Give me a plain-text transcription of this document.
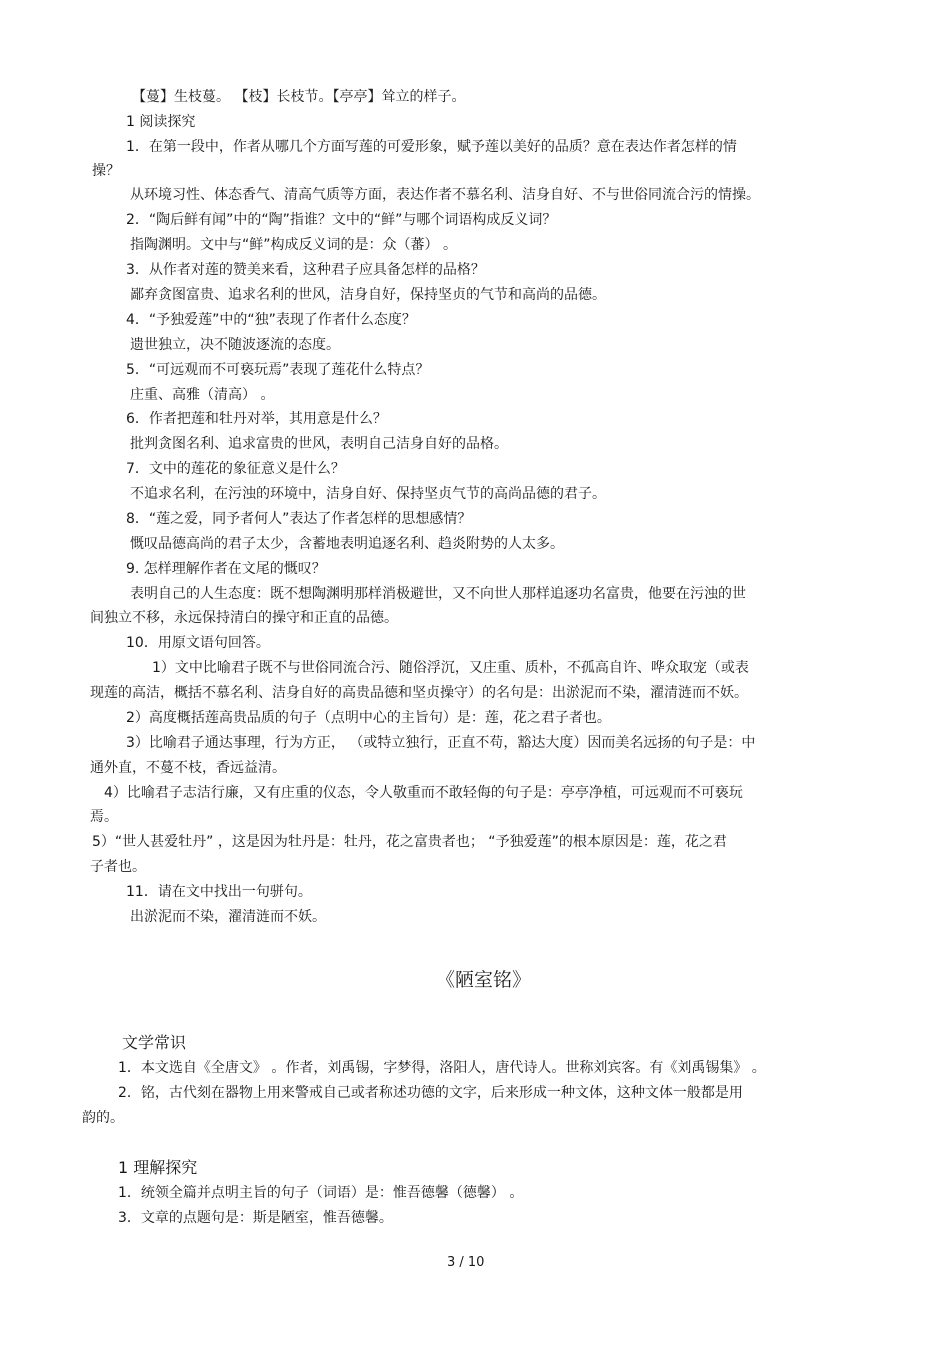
【蔓】生枝蔓。 【枝】长枝节。【亭亭】耸立的样子。
1 阅读探究
1．在第一段中，作者从哪几个方面写莲的可爱形象，赋予莲以美好的品质？意在表达作者怎样的情
操？
从环境习性、体态香气、清高气质等方面，表达作者不慕名利、洁身自好、不与世俗同流合污的情操。
2．“陶后鲜有闻”中的“陶”指谁？文中的“鲜”与哪个词语构成反义词？
指陶渊明。文中与“鲜”构成反义词的是：众（蕃） 。
3．从作者对莲的赞美来看，这种君子应具备怎样的品格？
鄙弃贪图富贵、追求名利的世风，洁身自好，保持坚贞的气节和高尚的品德。
4．“予独爱莲”中的“独”表现了作者什么态度？
遗世独立，决不随波逐流的态度。
5．“可远观而不可亵玩焉”表现了莲花什么特点？
庄重、高雅（清高） 。
6．作者把莲和牡丹对举，其用意是什么？
批判贪图名利、追求富贵的世风，表明自己洁身自好的品格。
7．文中的莲花的象征意义是什么？
不追求名利，在污浊的环境中，洁身自好、保持坚贞气节的高尚品德的君子。
8．“莲之爱，同予者何人”表达了作者怎样的思想感情？
慨叹品德高尚的君子太少，含蓄地表明追逐名利、趋炎附势的人太多。
9. 怎样理解作者在文尾的慨叹？
表明自己的人生态度：既不想陶渊明那样消极避世，又不向世人那样追逐功名富贵，他要在污浊的世
间独立不移，永远保持清白的操守和正直的品德。
10．用原文语句回答。
1）文中比喻君子既不与世俗同流合污、随俗浮沉，又庄重、质朴，不孤高自许、哗众取宠（或表
现莲的高洁，概括不慕名利、洁身自好的高贵品德和坚贞操守）的名句是：出淤泥而不染，濯清涟而不妖。
2）高度概括莲高贵品质的句子（点明中心的主旨句）是：莲，花之君子者也。
3）比喻君子通达事理，行为方正， （或特立独行，正直不苟，豁达大度）因而美名远扬的句子是：中
通外直，不蔓不枝，香远益清。
4）比喻君子志洁行廉，又有庄重的仪态，令人敬重而不敢轻侮的句子是：亭亭净植，可远观而不可亵玩
焉。
5）“世人甚爱牡丹” ，这是因为牡丹是：牡丹，花之富贵者也； “予独爱莲”的根本原因是：莲，花之君
子者也。
11．请在文中找出一句骈句。
出淤泥而不染，濯清涟而不妖。
《陋室铭》
文学常识
1．本文选自《全唐文》 。作者，刘禹锡，字梦得，洛阳人，唐代诗人。世称刘宾客。有《刘禹锡集》 。
2．铭，古代刻在器物上用来警戒自己或者称述功德的文字，后来形成一种文体，这种文体一般都是用
韵的。
1 理解探究
1．统领全篇并点明主旨的句子（词语）是：惟吾德馨（德馨） 。
3．文章的点题句是：斯是陋室，惟吾德馨。
3 / 10
